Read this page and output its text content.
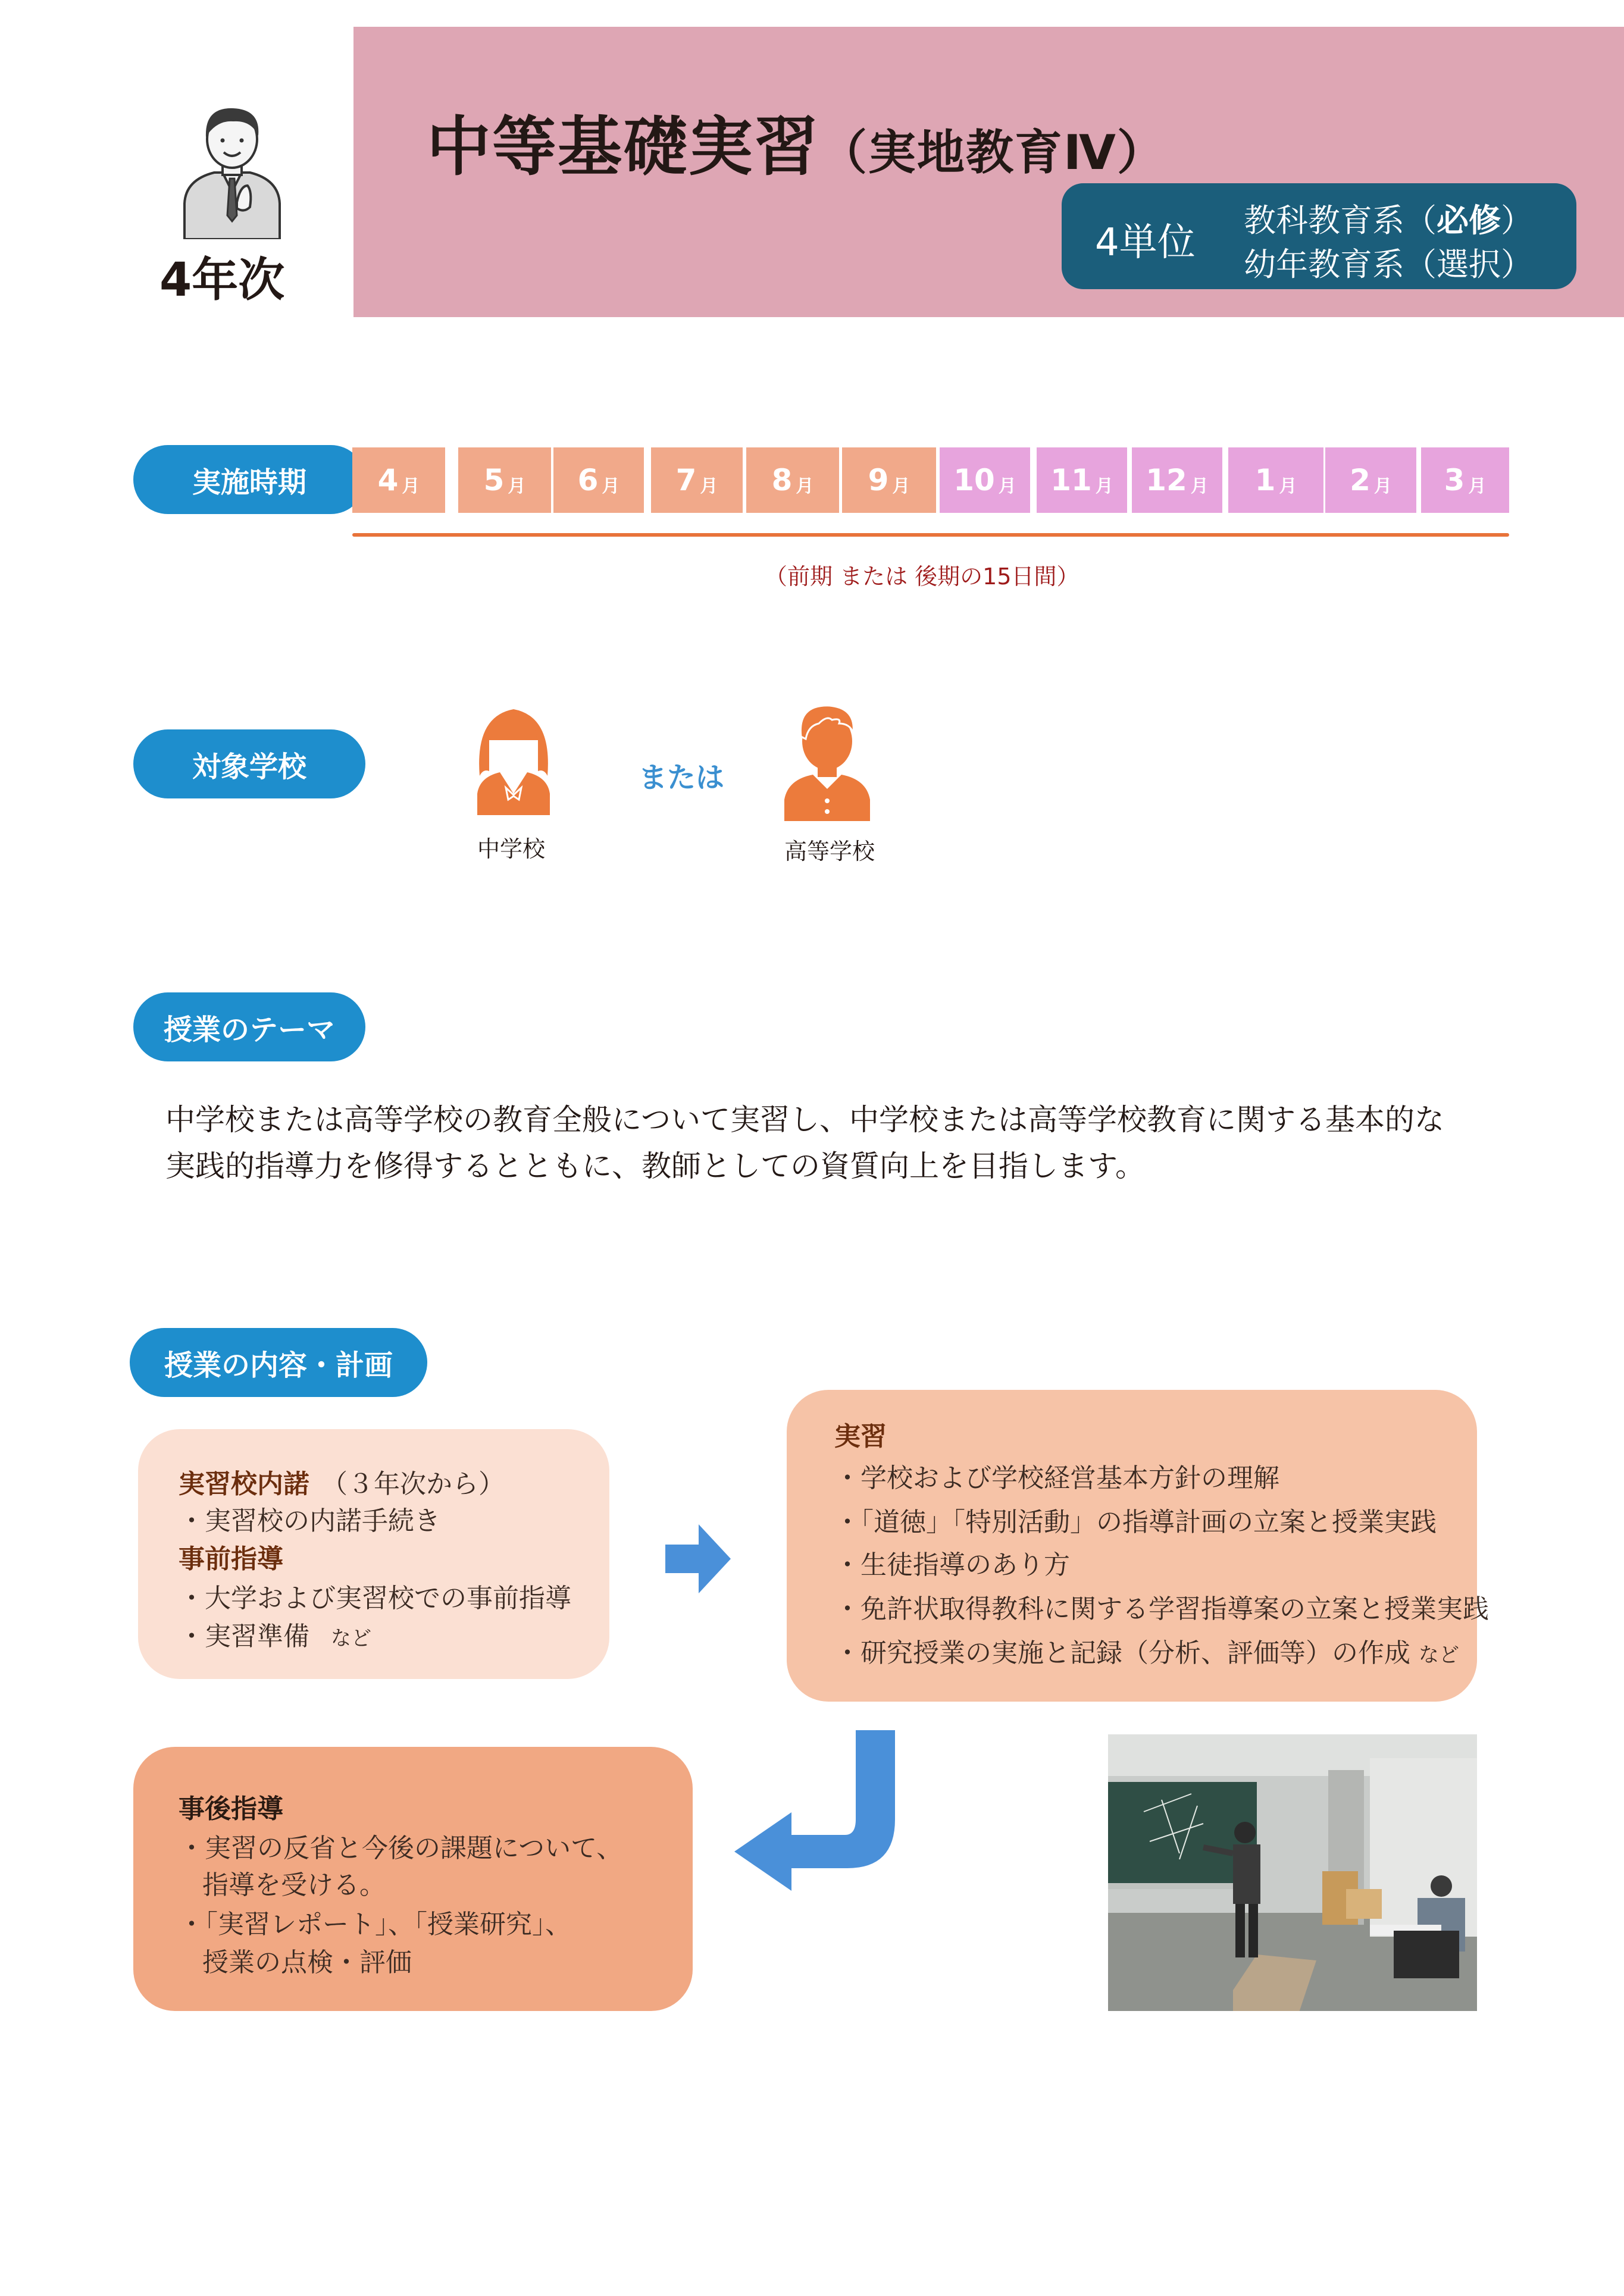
中等基礎実習（実地教育Ⅳ）
4単位
教科教育系（必修）
幼年教育系（選択）
4年次
実施時期	4 月 5 月 6 月 7 月 8 月 9 月 10 月 11 月 12 月 1 月 2 月 3 月
（前期 または 後期の15日間）
対象学校
中学校
または
高等学校
授業のテーマ
中学校または高等学校の教育全般について実習し、中学校または高等学校教育に関する基本的な
実践的指導力を修得するとともに、教師としての資質向上を目指します。
授業の内容・計画
実習校内諾 （３年次から）
・実習校の内諾手続き
事前指導
・大学および実習校での事前指導
・実習準備 など
実習
・学校および学校経営基本方針の理解
・「道徳」「特別活動」の指導計画の立案と授業実践
・生徒指導のあり方
・免許状取得教科に関する学習指導案の立案と授業実践
・研究授業の実施と記録（分析、評価等）の作成 など
事後指導
・実習の反省と今後の課題について、
指導を受ける。
・「実習レポート」、「授業研究」、
授業の点検・評価
